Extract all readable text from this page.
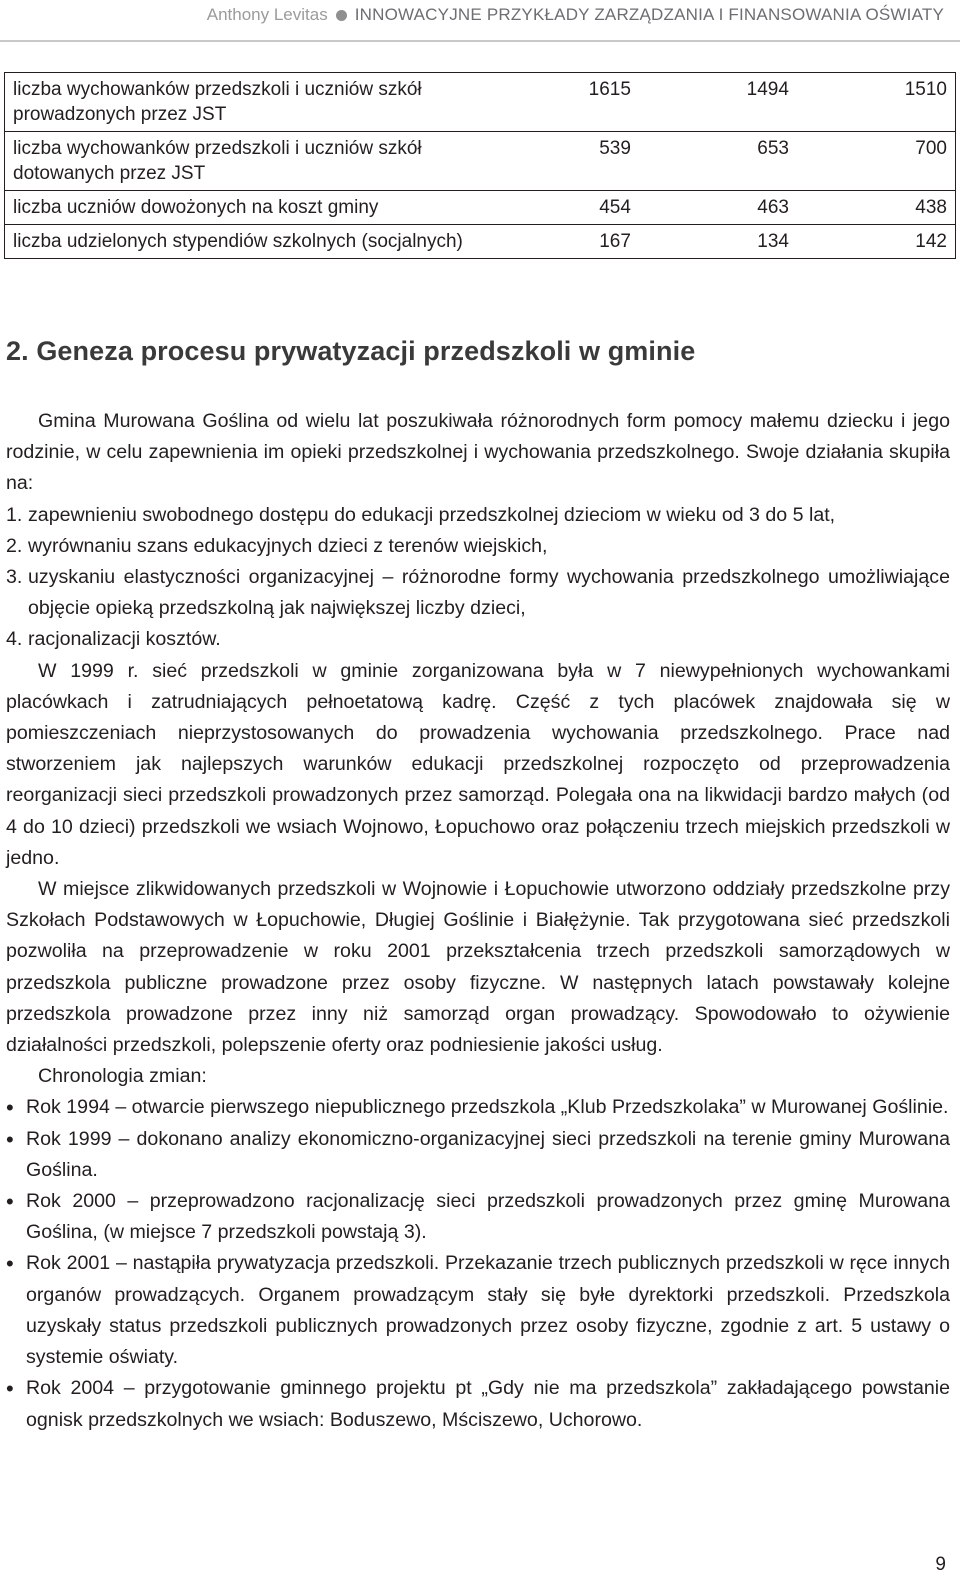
Anthony Levitas INNOWACYJNE PRZYKŁADY ZARZĄDZANIA I FINANSOWANIA OŚWIATY
liczba wychowanków przedszkoli i uczniów szkół prowadzonych przez JST	1615	1494	1510
liczba wychowanków przedszkoli i uczniów szkół dotowanych przez JST	539	653	700
liczba uczniów dowożonych na koszt gminy	454	463	438
liczba udzielonych stypendiów szkolnych (socjalnych)	167	134	142
2. Geneza procesu prywatyzacji przedszkoli w gminie

Gmina Murowana Goślina od wielu lat poszukiwała różnorodnych form pomocy małemu dziecku i jego rodzinie, w celu zapewnienia im opieki przedszkolnej i wychowania przedszkolnego. Swoje działania skupiła na:

1. zapewnieniu swobodnego dostępu do edukacji przedszkolnej dzieciom w wieku od 3 do 5 lat,
2. wyrównaniu szans edukacyjnych dzieci z terenów wiejskich,
3. uzyskaniu elastyczności organizacyjnej – różnorodne formy wychowania przedszkolnego umożliwiające objęcie opieką przedszkolną jak największej liczby dzieci,
4. racjonalizacji kosztów.

W 1999 r. sieć przedszkoli w gminie zorganizowana była w 7 niewypełnionych wychowankami placówkach i zatrudniających pełnoetatową kadrę. Część z tych placówek znajdowała się w pomieszczeniach nieprzystosowanych do prowadzenia wychowania przedszkolnego. Prace nad stworzeniem jak najlepszych warunków edukacji przedszkolnej rozpoczęto od przeprowadzenia reorganizacji sieci przedszkoli prowadzonych przez samorząd. Polegała ona na likwidacji bardzo małych (od 4 do 10 dzieci) przedszkoli we wsiach Wojnowo, Łopuchowo oraz połączeniu trzech miejskich przedszkoli w jedno.

W miejsce zlikwidowanych przedszkoli w Wojnowie i Łopuchowie utworzono oddziały przedszkolne przy Szkołach Podstawowych w Łopuchowie, Długiej Goślinie i Białężynie. Tak przygotowana sieć przedszkoli pozwoliła na przeprowadzenie w roku 2001 przekształcenia trzech przedszkoli samorządowych w przedszkola publiczne prowadzone przez osoby fizyczne. W następnych latach powstawały kolejne przedszkola prowadzone przez inny niż samorząd organ prowadzący. Spowodowało to ożywienie działalności przedszkoli, polepszenie oferty oraz podniesienie jakości usług.

Chronologia zmian:

• Rok 1994 – otwarcie pierwszego niepublicznego przedszkola „Klub Przedszkolaka” w Murowanej Goślinie.
• Rok 1999 – dokonano analizy ekonomiczno-organizacyjnej sieci przedszkoli na terenie gminy Murowana Goślina.
• Rok 2000 – przeprowadzono racjonalizację sieci przedszkoli prowadzonych przez gminę Murowana Goślina, (w miejsce 7 przedszkoli powstają 3).
• Rok 2001 – nastąpiła prywatyzacja przedszkoli. Przekazanie trzech publicznych przedszkoli w ręce innych organów prowadzących. Organem prowadzącym stały się byłe dyrektorki przedszkoli. Przedszkola uzyskały status przedszkoli publicznych prowadzonych przez osoby fizyczne, zgodnie z art. 5 ustawy o systemie oświaty.
• Rok 2004 – przygotowanie gminnego projektu pt „Gdy nie ma przedszkola” zakładającego powstanie ognisk przedszkolnych we wsiach: Boduszewo, Mściszewo, Uchorowo.
9
